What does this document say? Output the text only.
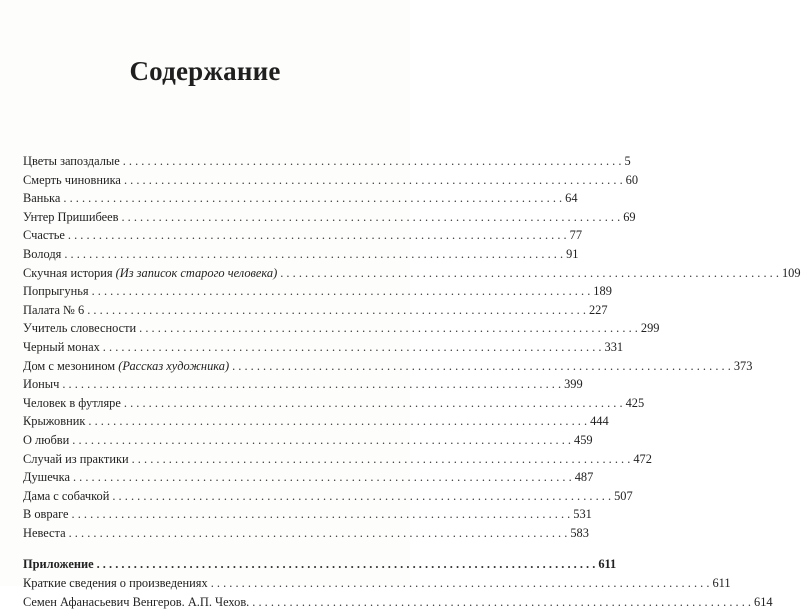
Содержание
Цветы запоздалые . . .	5
Смерть чиновника . . .	60
Ванька . . .	64
Унтер Пришибеев . . .	69
Счастье . . .	77
Володя . . .	91
Скучная история (Из записок старого человека) . . .	109
Попрыгунья . . .	189
Палата № 6 . . .	227
Учитель словесности . . .	299
Черный монах . . .	331
Дом с мезонином (Рассказ художника) . . .	373
Ионыч . . .	399
Человек в футляре . . .	425
Крыжовник . . .	444
О любви . . .	459
Случай из практики . . .	472
Душечка . . .	487
Дама с собачкой . . .	507
В овраге . . .	531
Невеста . . .	583
Приложение . . .	611
Краткие сведения о произведениях . . .	611
Семен Афанасьевич Венгеров. А.П. Чехов. . . .	614
